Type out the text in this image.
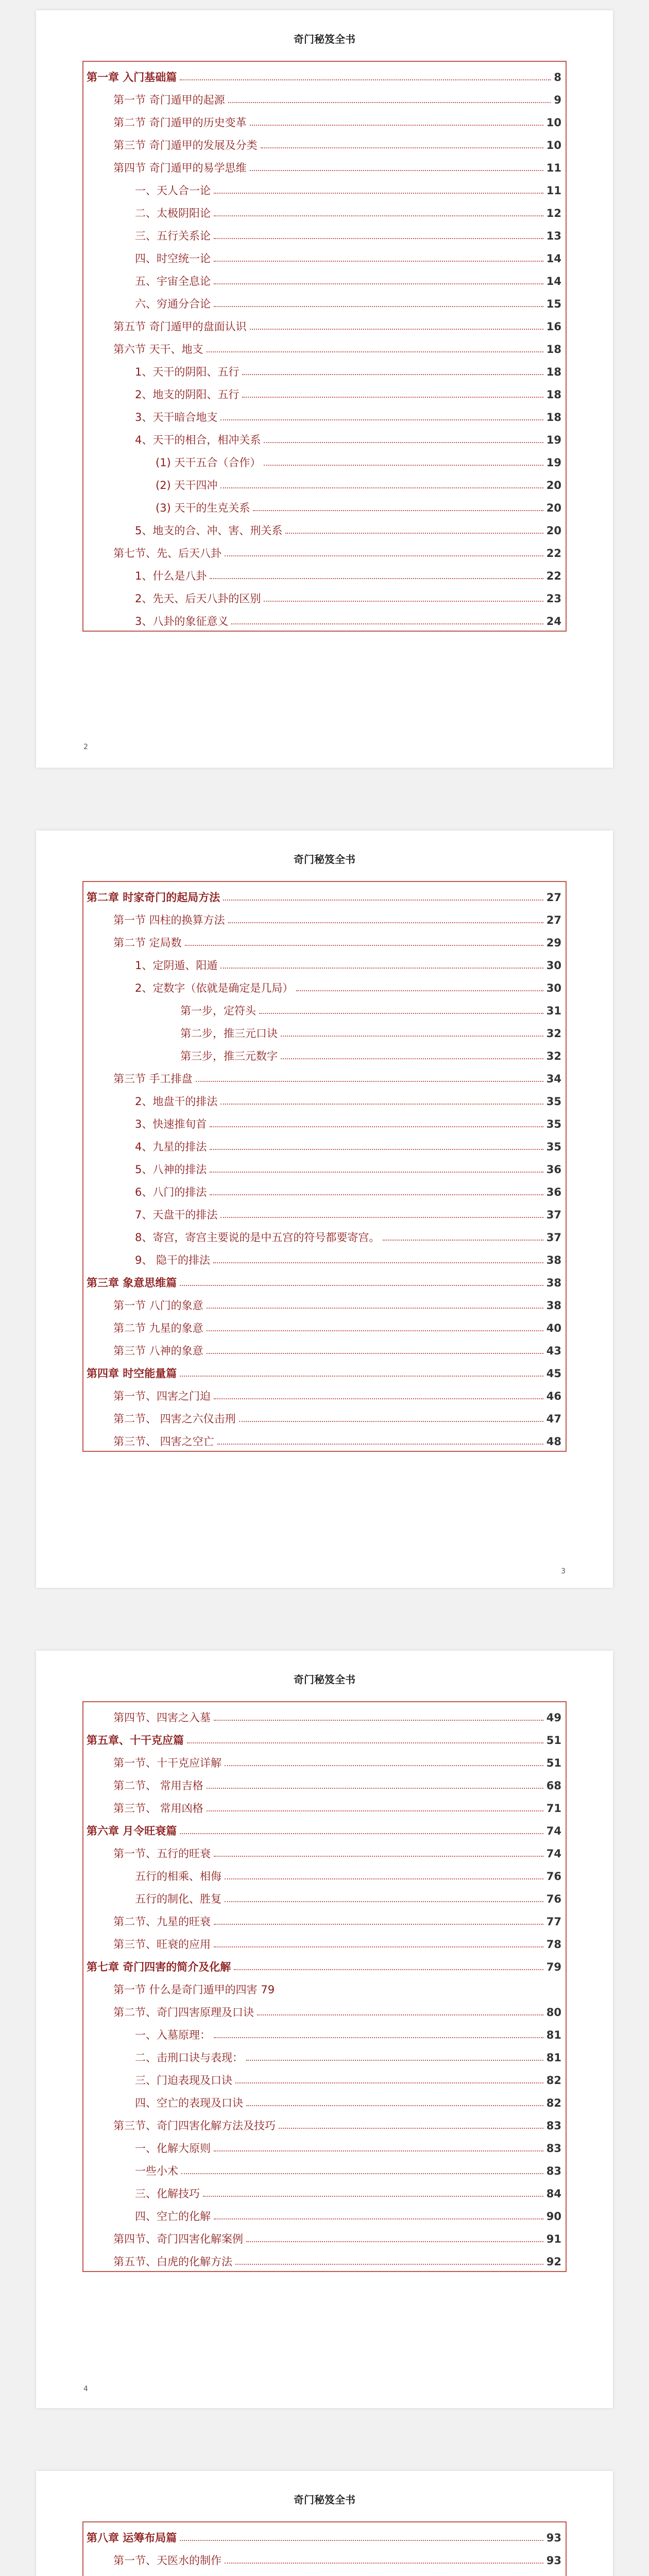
奇门秘笈全书
第一章 入门基础篇	8
第一节 奇门遁甲的起源	9
第二节 奇门遁甲的历史变革	10
第三节 奇门遁甲的发展及分类	10
第四节 奇门遁甲的易学思维	11
一、天人合一论	11
二、太极阴阳论	12
三、五行关系论	13
四、时空统一论	14
五、宇宙全息论	14
六、穷通分合论	15
第五节 奇门遁甲的盘面认识	16
第六节 天干、地支	18
1、天干的阴阳、五行	18
2、地支的阴阳、五行	18
3、天干暗合地支	18
4、天干的相合，相冲关系	19
(1) 天干五合（合作）	19
(2) 天干四冲	20
(3) 天干的生克关系	20
5、地支的合、冲、害、刑关系	20
第七节、先、后天八卦	22
1、什么是八卦	22
2、先天、后天八卦的区别	23
3、八卦的象征意义	24
2
奇门秘笈全书
第二章 时家奇门的起局方法	27
第一节 四柱的换算方法	27
第二节 定局数	29
1、定阴遁、阳遁	30
2、定数字（依就是确定是几局）	30
第一步，定符头	31
第二步，推三元口诀	32
第三步，推三元数字	32
第三节 手工排盘	34
2、地盘干的排法	35
3、快速推旬首	35
4、九星的排法	35
5、八神的排法	36
6、八门的排法	36
7、天盘干的排法	37
8、寄宫，寄宫主要说的是中五宫的符号都要寄宫。	37
9、 隐干的排法	38
第三章 象意思维篇	38
第一节 八门的象意	38
第二节 九星的象意	40
第三节 八神的象意	43
第四章 时空能量篇	45
第一节、四害之门迫	46
第二节、 四害之六仪击刑	47
第三节、 四害之空亡	48
3
奇门秘笈全书
第四节、四害之入墓	49
第五章、十干克应篇	51
第一节、十干克应详解	51
第二节、 常用吉格	68
第三节、 常用凶格	71
第六章 月令旺衰篇	74
第一节、五行的旺衰	74
五行的相乘、相侮	76
五行的制化、胜复	76
第二节、九星的旺衰	77
第三节、旺衰的应用	78
第七章 奇门四害的简介及化解	79
第一节 什么是奇门遁甲的四害 79
第二节、奇门四害原理及口诀	80
一、入墓原理：	81
二、击刑口诀与表现：	81
三、门迫表现及口诀	82
四、空亡的表现及口诀	82
第三节、奇门四害化解方法及技巧	83
一、化解大原则	83
一些小术	83
三、化解技巧	84
四、空亡的化解	90
第四节、奇门四害化解案例	91
第五节、白虎的化解方法	92
4
奇门秘笈全书
第八章 运筹布局篇	93
第一节、天医水的制作	93
